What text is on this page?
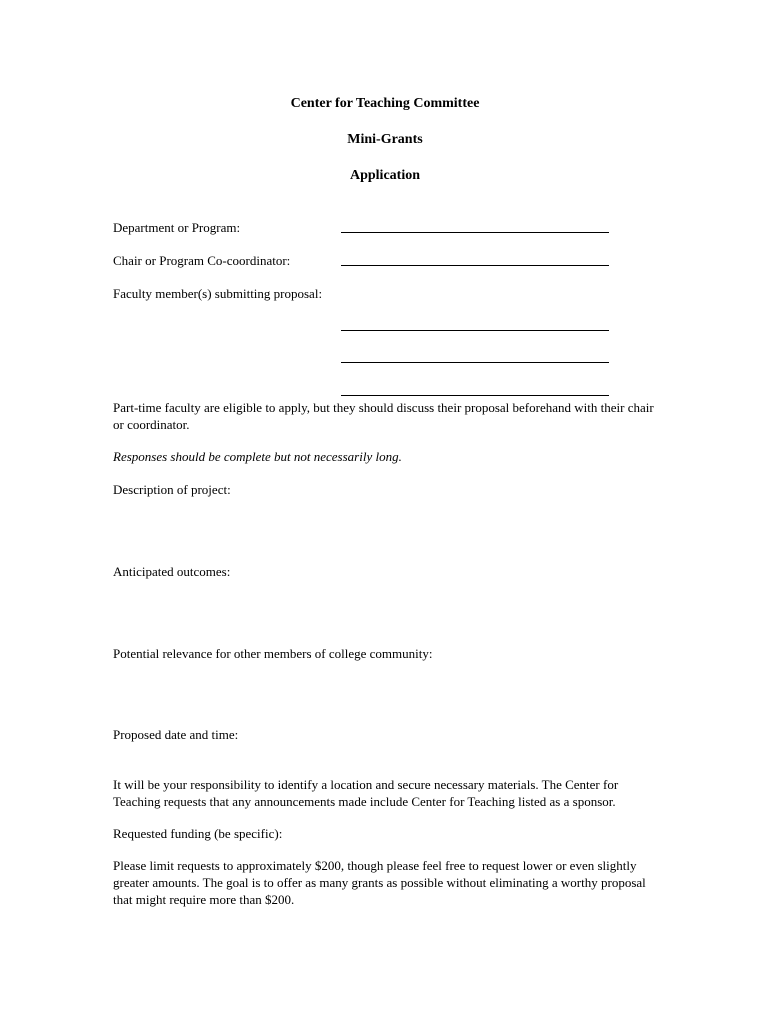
Center for Teaching Committee
Mini-Grants
Application
Department or Program:
Chair or Program Co-coordinator:
Faculty member(s) submitting proposal:
Part-time faculty are eligible to apply, but they should discuss their proposal beforehand with their chair or coordinator.
Responses should be complete but not necessarily long.
Description of project:
Anticipated outcomes:
Potential relevance for other members of college community:
Proposed date and time:
It will be your responsibility to identify a location and secure necessary materials. The Center for Teaching requests that any announcements made include Center for Teaching listed as a sponsor.
Requested funding (be specific):
Please limit requests to approximately $200, though please feel free to request lower or even slightly greater amounts. The goal is to offer as many grants as possible without eliminating a worthy proposal that might require more than $200.
